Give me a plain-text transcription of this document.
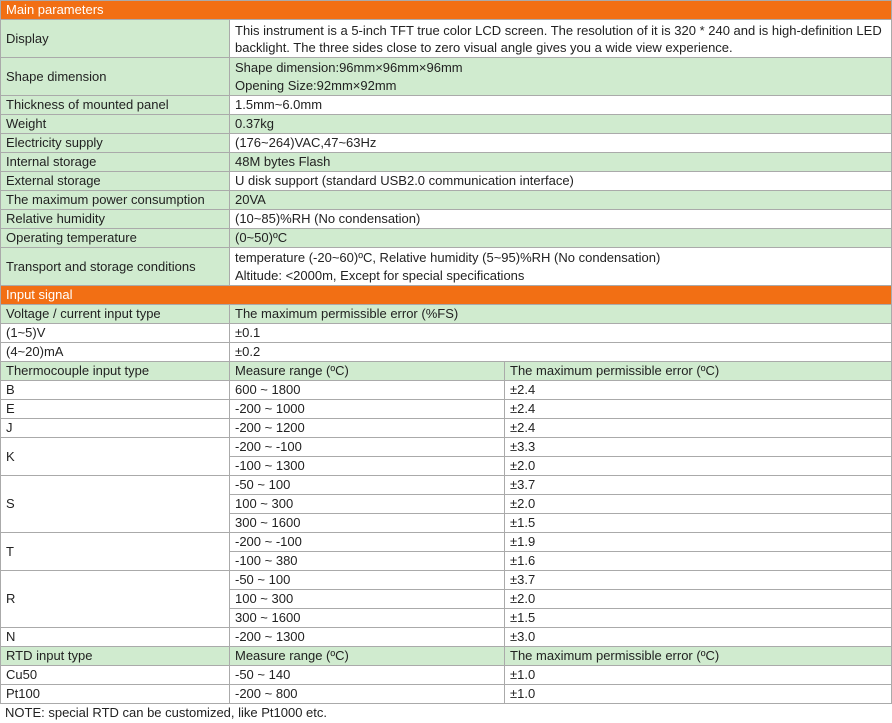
Main parameters		
Display	This instrument is a 5-inch TFT true color LCD screen. The resolution of it is 320 * 240 and is high-definition LED backlight. The three sides close to zero visual angle gives you a wide view experience.	
Shape dimension	Shape dimension:96mm×96mm×96mm
Opening Size:92mm×92mm	

Thickness of mounted panel	1.5mm~6.0mm	
Weight	0.37kg	
Electricity supply	(176~264)VAC,47~63Hz	
Internal storage	48M bytes Flash	
External storage	U disk support (standard USB2.0 communication interface)	
The maximum power consumption	20VA	
Relative humidity	(10~85)%RH (No condensation)	
Operating temperature	(0~50)ºC	
Transport and storage conditions	temperature (-20~60)ºC, Relative humidity (5~95)%RH (No condensation)
Altitude: <2000m, Except for special specifications	

Input signal		
Voltage / current input type	The maximum permissible error (%FS)	
(1~5)V	±0.1	
(4~20)mA	±0.2	
Thermocouple input type	Measure range (ºC)	The maximum permissible error (ºC)
B	600 ~ 1800	±2.4
E	-200 ~ 1000	±2.4
J	-200 ~ 1200	±2.4
K	-200 ~ -100	±3.3
	-100 ~ 1300	±2.0
S	-50 ~ 100	±3.7
	100 ~ 300	±2.0
	300 ~ 1600	±1.5
T	-200 ~ -100	±1.9
	-100 ~ 380	±1.6
R	-50 ~ 100	±3.7
	100 ~ 300	±2.0
	300 ~ 1600	±1.5
N	-200 ~ 1300	±3.0
RTD input type	Measure range (ºC)	The maximum permissible error (ºC)
Cu50	-50 ~ 140	±1.0
Pt100	-200 ~ 800	±1.0
NOTE: special RTD can be customized, like Pt1000 etc.
